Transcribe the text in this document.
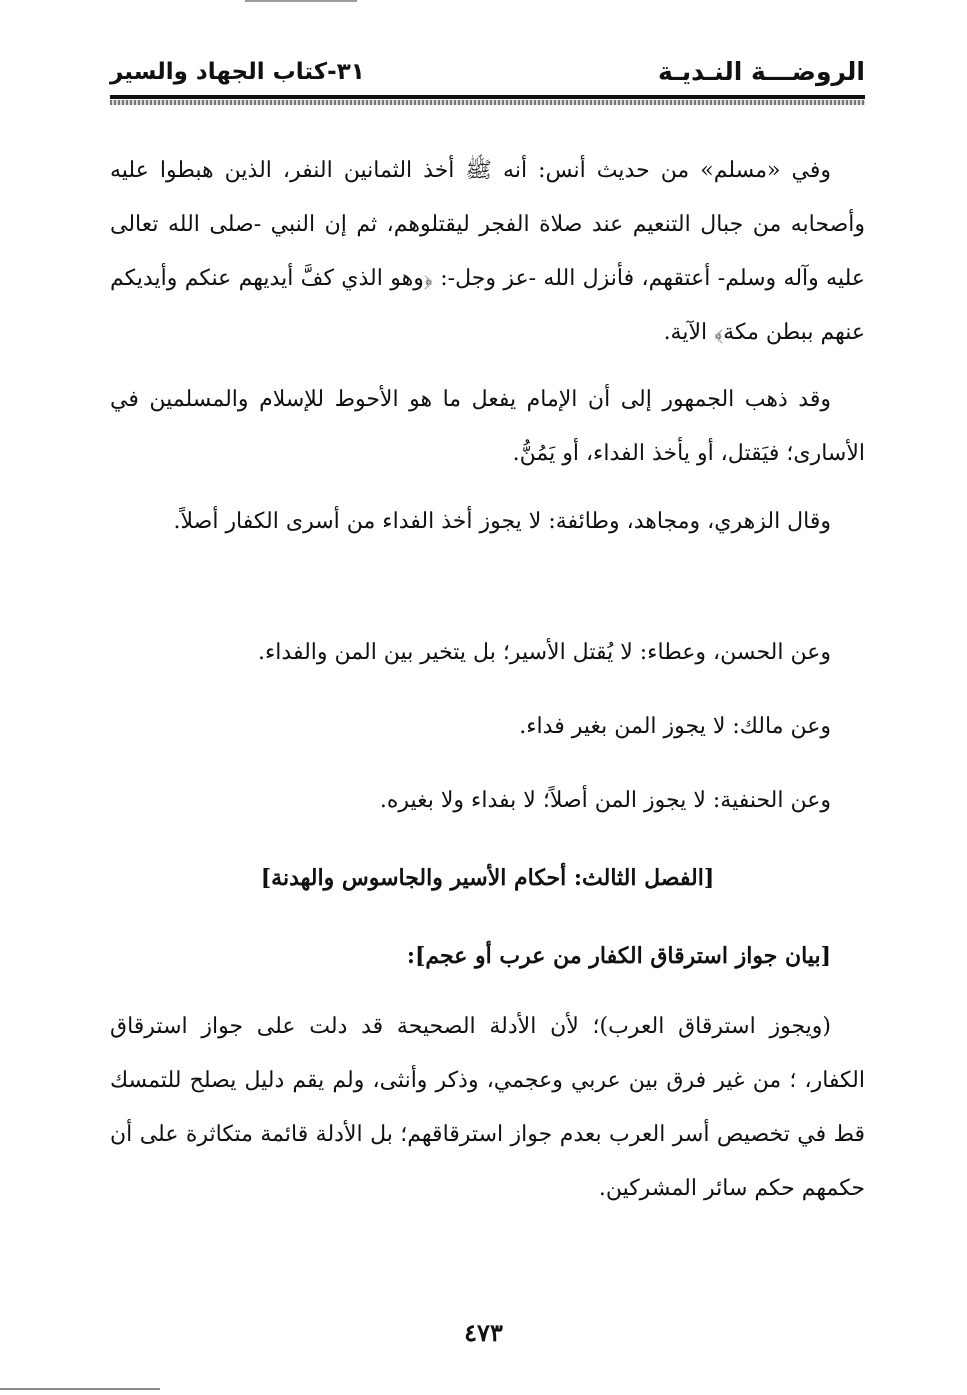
الروضـــة النـديـة
٣١-كتاب الجهاد والسير
وفي «مسلم» من حديث أنس: أنه ﷺ أخذ الثمانين النفر، الذين هبطوا عليه وأصحابه من جبال التنعيم عند صلاة الفجر ليقتلوهم، ثم إن النبي -صلى الله تعالى عليه وآله وسلم- أعتقهم، فأنزل الله -عز وجل-: ﴿وهو الذي كفَّ أيديهم عنكم وأيديكم عنهم ببطن مكة﴾ الآية.
وقد ذهب الجمهور إلى أن الإمام يفعل ما هو الأحوط للإسلام والمسلمين في الأسارى؛ فيَقتل، أو يأخذ الفداء، أو يَمُنُّ.
وقال الزهري، ومجاهد، وطائفة: لا يجوز أخذ الفداء من أسرى الكفار أصلاً.
وعن الحسن، وعطاء: لا يُقتل الأسير؛ بل يتخير بين المن والفداء.
وعن مالك: لا يجوز المن بغير فداء.
وعن الحنفية: لا يجوز المن أصلاً؛ لا بفداء ولا بغيره.
[الفصل الثالث: أحكام الأسير والجاسوس والهدنة]
[بيان جواز استرقاق الكفار من عرب أو عجم]:
(ويجوز استرقاق العرب)؛ لأن الأدلة الصحيحة قد دلت على جواز استرقاق الكفار، ؛ من غير فرق بين عربي وعجمي، وذكر وأنثى، ولم يقم دليل يصلح للتمسك قط في تخصيص أسر العرب بعدم جواز استرقاقهم؛ بل الأدلة قائمة متكاثرة على أن حكمهم حكم سائر المشركين.
٤٧٣
